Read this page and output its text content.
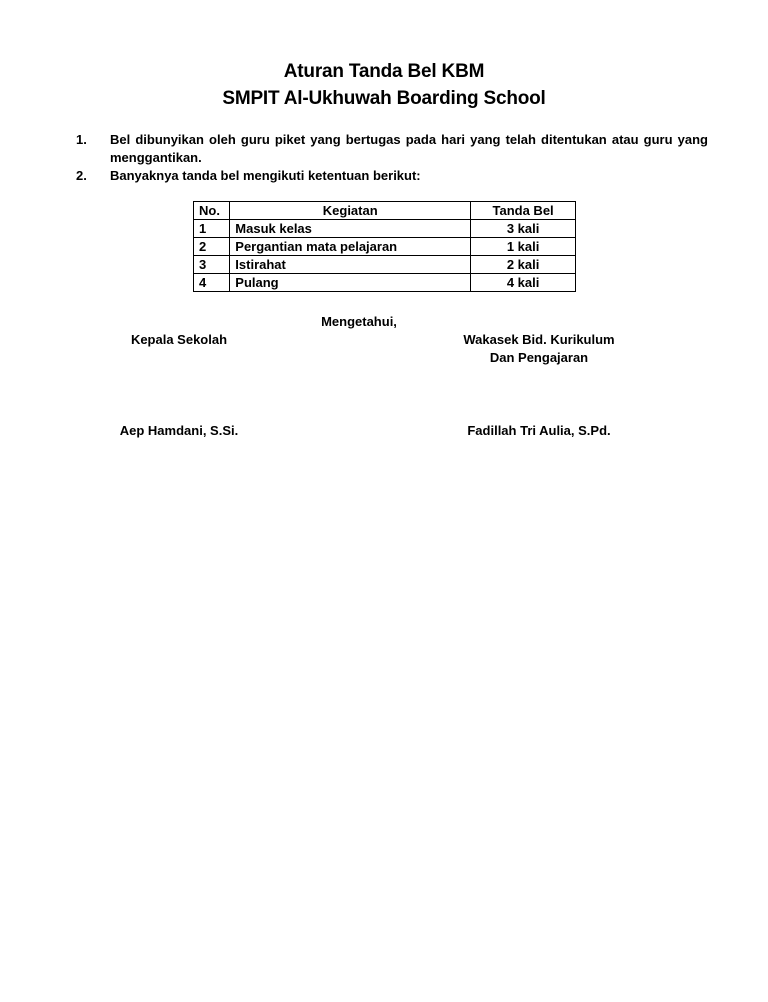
Aturan Tanda Bel KBM
SMPIT Al-Ukhuwah Boarding School
1. Bel dibunyikan oleh guru piket yang bertugas pada hari yang telah ditentukan atau guru yang menggantikan.
2. Banyaknya tanda bel mengikuti ketentuan berikut:
No.	Kegiatan	Tanda Bel
1	Masuk kelas	3 kali
2	Pergantian mata pelajaran	1 kali
3	Istirahat	2 kali
4	Pulang	4 kali
Mengetahui,
Kepala Sekolah	Wakasek Bid. Kurikulum
Dan Pengajaran
Aep Hamdani, S.Si.	Fadillah Tri Aulia, S.Pd.
